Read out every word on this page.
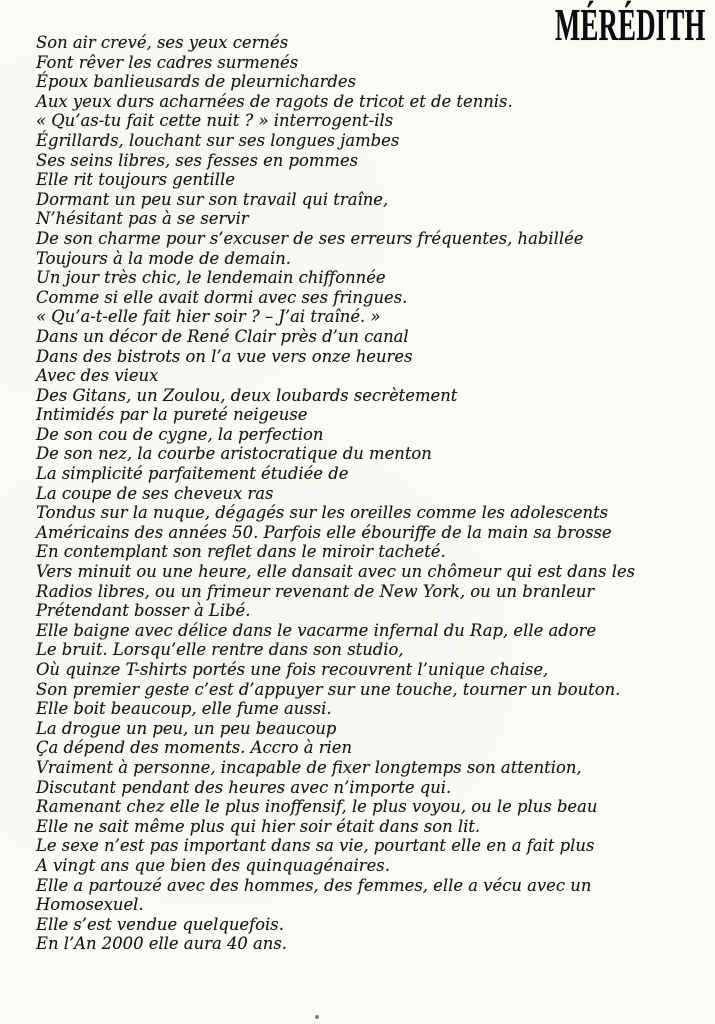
MÉRÉDITH
Son air crevé, ses yeux cernés
Font rêver les cadres surmenés
Époux banlieusards de pleurnichardes
Aux yeux durs acharnées de ragots de tricot et de tennis.
« Qu’as-tu fait cette nuit ? » interrogent-ils
Égrillards, louchant sur ses longues jambes
Ses seins libres, ses fesses en pommes
Elle rit toujours gentille
Dormant un peu sur son travail qui traîne,
N’hésitant pas à se servir
De son charme pour s’excuser de ses erreurs fréquentes, habillée
Toujours à la mode de demain.
Un jour très chic, le lendemain chiffonnée
Comme si elle avait dormi avec ses fringues.
« Qu’a-t-elle fait hier soir ? – J’ai traîné. »
Dans un décor de René Clair près d’un canal
Dans des bistrots on l’a vue vers onze heures
Avec des vieux
Des Gitans, un Zoulou, deux loubards secrètement
Intimidés par la pureté neigeuse
De son cou de cygne, la perfection
De son nez, la courbe aristocratique du menton
La simplicité parfaitement étudiée de
La coupe de ses cheveux ras
Tondus sur la nuque, dégagés sur les oreilles comme les adolescents
Américains des années 50. Parfois elle ébouriffe de la main sa brosse
En contemplant son reflet dans le miroir tacheté.
Vers minuit ou une heure, elle dansait avec un chômeur qui est dans les
Radios libres, ou un frimeur revenant de New York, ou un branleur
Prétendant bosser à Libé.
Elle baigne avec délice dans le vacarme infernal du Rap, elle adore
Le bruit. Lorsqu’elle rentre dans son studio,
Où quinze T-shirts portés une fois recouvrent l’unique chaise,
Son premier geste c’est d’appuyer sur une touche, tourner un bouton.
Elle boit beaucoup, elle fume aussi.
La drogue un peu, un peu beaucoup
Ça dépend des moments. Accro à rien
Vraiment à personne, incapable de fixer longtemps son attention,
Discutant pendant des heures avec n’importe qui.
Ramenant chez elle le plus inoffensif, le plus voyou, ou le plus beau
Elle ne sait même plus qui hier soir était dans son lit.
Le sexe n’est pas important dans sa vie, pourtant elle en a fait plus
A vingt ans que bien des quinquagénaires.
Elle a partouzé avec des hommes, des femmes, elle a vécu avec un
Homosexuel.
Elle s’est vendue quelquefois.
En l’An 2000 elle aura 40 ans.
